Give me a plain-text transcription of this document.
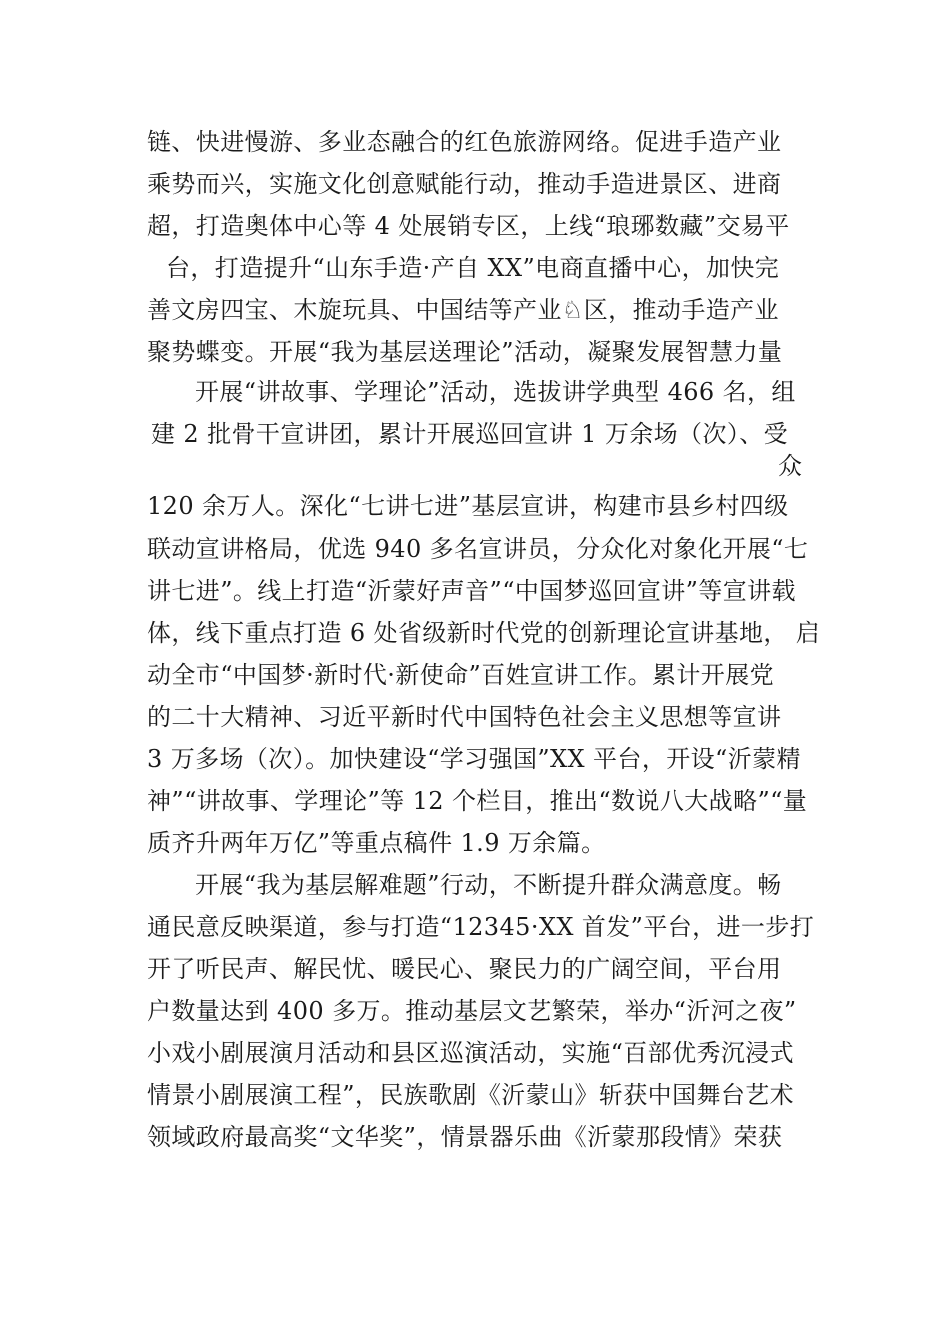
链、快进慢游、多业态融合的红色旅游网络。促进手造产业
乘势而兴，实施文化创意赋能行动，推动手造进景区、进商
超，打造奥体中心等 4 处展销专区，上线“琅琊数藏”交易平
台，打造提升“山东手造·产自 XX”电商直播中心，加快完
善文房四宝、木旋玩具、中国结等产业♘区，推动手造产业
聚势蝶变。开展“我为基层送理论”活动，凝聚发展智慧力量
开展“讲故事、学理论”活动，选拔讲学典型 466 名，组
建 2 批骨干宣讲团，累计开展巡回宣讲 1 万余场（次）、受
众
120 余万人。深化“七讲七进”基层宣讲，构建市县乡村四级
联动宣讲格局，优选 940 多名宣讲员，分众化对象化开展“七
讲七进”。线上打造“沂蒙好声音”“中国梦巡回宣讲”等宣讲载
体，线下重点打造 6 处省级新时代党的创新理论宣讲基地， 启
动全市“中国梦·新时代·新使命”百姓宣讲工作。累计开展党
的二十大精神、习近平新时代中国特色社会主义思想等宣讲
3 万多场（次）。加快建设“学习强国”XX 平台，开设“沂蒙精
神”“讲故事、学理论”等 12 个栏目，推出“数说八大战略”“量
质齐升两年万亿”等重点稿件 1.9 万余篇。
开展“我为基层解难题”行动，不断提升群众满意度。畅
通民意反映渠道，参与打造“12345·XX 首发”平台，进一步打
开了听民声、解民忧、暖民心、聚民力的广阔空间，平台用
户数量达到 400 多万。推动基层文艺繁荣，举办“沂河之夜”
小戏小剧展演月活动和县区巡演活动，实施“百部优秀沉浸式
情景小剧展演工程”，民族歌剧《沂蒙山》斩获中国舞台艺术
领域政府最高奖“文华奖”，情景器乐曲《沂蒙那段情》荣获
